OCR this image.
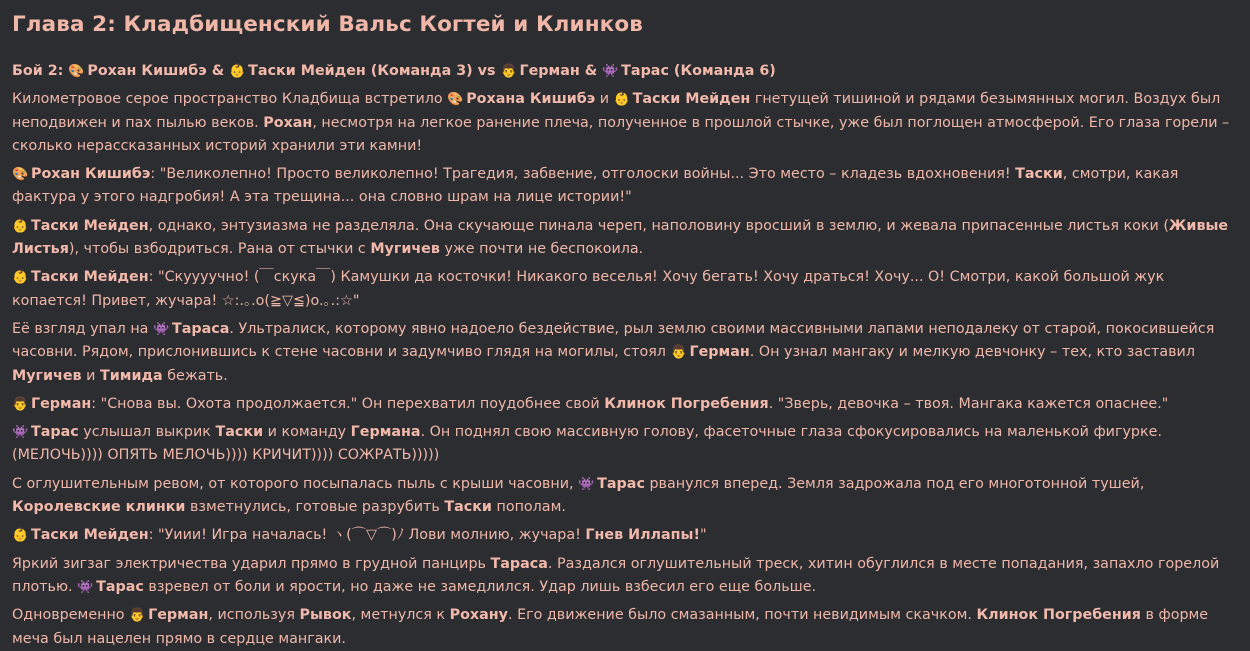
Глава 2: Кладбищенский Вальс Когтей и Клинков
Бой 2: 🎨 Рохан Кишибэ & 👶 Таски Мейден (Команда 3) vs 👨 Герман & 👾 Тарас (Команда 6)
Километровое серое пространство Кладбища встретило 🎨 Рохана Кишибэ и 👶 Таски Мейден гнетущей тишиной и рядами безымянных могил. Воздух был неподвижен и пах пылью веков. Рохан, несмотря на легкое ранение плеча, полученное в прошлой стычке, уже был поглощен атмосферой. Его глаза горели – сколько нерассказанных историй хранили эти камни!
🎨 Рохан Кишибэ: "Великолепно! Просто великолепно! Трагедия, забвение, отголоски войны... Это место – кладезь вдохновения! Таски, смотри, какая фактура у этого надгробия! А эта трещина... она словно шрам на лице истории!"
👶 Таски Мейден, однако, энтузиазма не разделяла. Она скучающе пинала череп, наполовину вросший в землю, и жевала припасенные листья коки (Живые Листья), чтобы взбодриться. Рана от стычки с Мугичев уже почти не беспокоила.
👶 Таски Мейден: "Скуууучно! (￣скука￣) Камушки да косточки! Никакого веселья! Хочу бегать! Хочу драться! Хочу... О! Смотри, какой большой жук копается! Привет, жучара! ☆:.｡.o(≧▽≦)o.｡.:☆"
Её взгляд упал на 👾 Тараса. Ультралиск, которому явно надоело бездействие, рыл землю своими массивными лапами неподалеку от старой, покосившейся часовни. Рядом, прислонившись к стене часовни и задумчиво глядя на могилы, стоял 👨 Герман. Он узнал мангаку и мелкую девчонку – тех, кто заставил Мугичев и Тимида бежать.
👨 Герман: "Снова вы. Охота продолжается." Он перехватил поудобнее свой Клинок Погребения. "Зверь, девочка – твоя. Мангака кажется опаснее."
👾 Тарас услышал выкрик Таски и команду Германа. Он поднял свою массивную голову, фасеточные глаза сфокусировались на маленькой фигурке. (МЕЛОЧЬ)))) ОПЯТЬ МЕЛОЧЬ)))) КРИЧИТ)))) СОЖРАТЬ)))))
С оглушительным ревом, от которого посыпалась пыль с крыши часовни, 👾 Тарас рванулся вперед. Земля задрожала под его многотонной тушей, Королевские клинки взметнулись, готовые разрубить Таски пополам.
👶 Таски Мейден: "Уиии! Игра началась! ヽ(⌒▽⌒)ﾉ Лови молнию, жучара! Гнев Иллапы!"
Яркий зигзаг электричества ударил прямо в грудной панцирь Тараса. Раздался оглушительный треск, хитин обуглился в месте попадания, запахло горелой плотью. 👾 Тарас взревел от боли и ярости, но даже не замедлился. Удар лишь взбесил его еще больше.
Одновременно 👨 Герман, используя Рывок, метнулся к Рохану. Его движение было смазанным, почти невидимым скачком. Клинок Погребения в форме меча был нацелен прямо в сердце мангаки.
